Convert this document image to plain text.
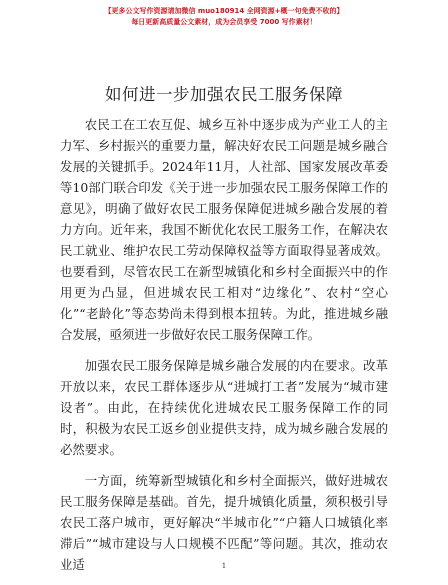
【更多公文写作资源请加微信 muo180914 全网资源+概一句免费不收的】
每日更新高质量公文素材，成为会员享受 7000 写作素材！
如何进一步加强农民工服务保障

农民工在工农互促、城乡互补中逐步成为产业工人的主力军、乡村振兴的重要力量，解决好农民工问题是城乡融合发展的关键抓手。2024年11月，人社部、国家发展改革委等10部门联合印发《关于进一步加强农民工服务保障工作的意见》，明确了做好农民工服务保障促进城乡融合发展的着力方向。近年来，我国不断优化农民工服务工作，在解决农民工就业、维护农民工劳动保障权益等方面取得显著成效。也要看到，尽管农民工在新型城镇化和乡村全面振兴中的作用更为凸显，但进城农民工相对“边缘化”、农村“空心化”“老龄化”等态势尚未得到根本扭转。为此，推进城乡融合发展，亟须进一步做好农民工服务保障工作。

加强农民工服务保障是城乡融合发展的内在要求。改革开放以来，农民工群体逐步从“进城打工者”发展为“城市建设者”。由此，在持续优化进城农民工服务保障工作的同时，积极为农民工返乡创业提供支持，成为城乡融合发展的必然要求。

一方面，统筹新型城镇化和乡村全面振兴，做好进城农民工服务保障是基础。首先，提升城镇化质量，须积极引导农民工落户城市，更好解决“半城市化”“户籍人口城镇化率滞后”“城市建设与人口规模不匹配”等问题。其次，推动农业适	1
